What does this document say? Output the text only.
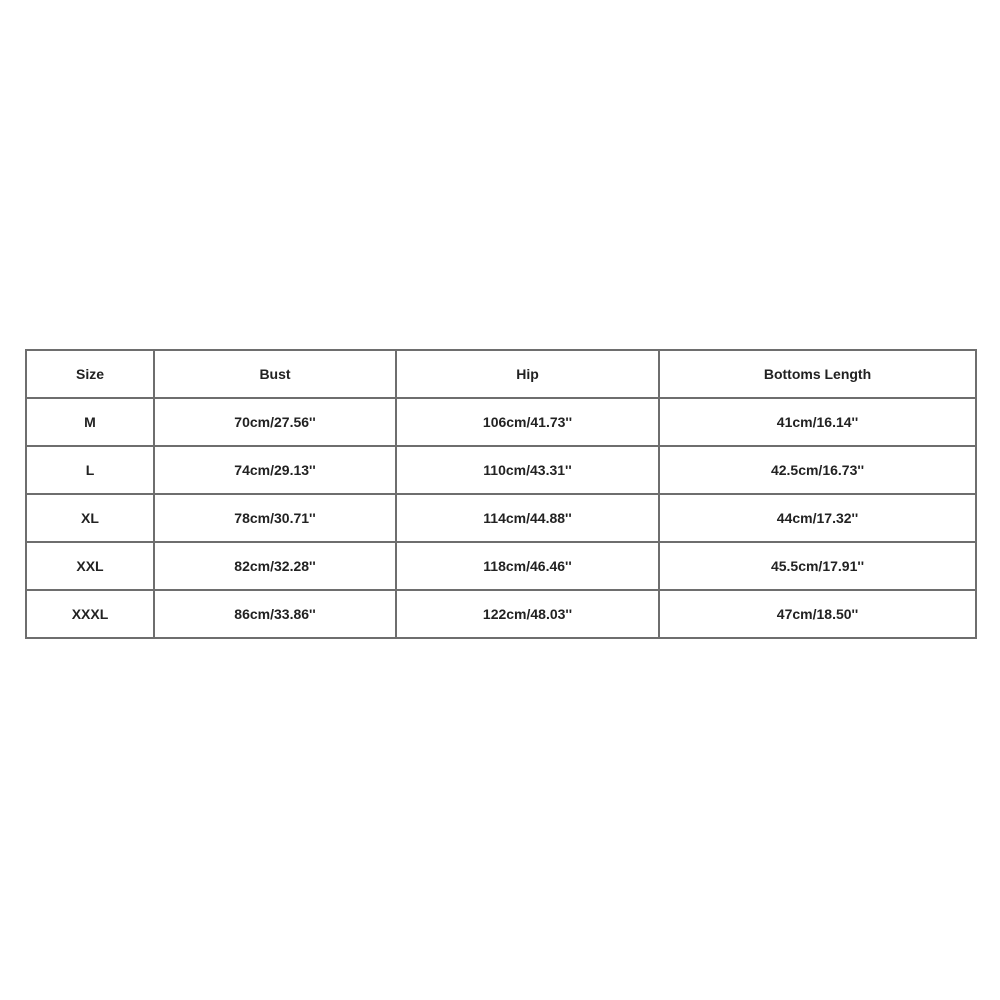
Size	Bust	Hip	Bottoms Length
M	70cm/27.56''	106cm/41.73''	41cm/16.14''
L	74cm/29.13''	110cm/43.31''	42.5cm/16.73''
XL	78cm/30.71''	114cm/44.88''	44cm/17.32''
XXL	82cm/32.28''	118cm/46.46''	45.5cm/17.91''
XXXL	86cm/33.86''	122cm/48.03''	47cm/18.50''
